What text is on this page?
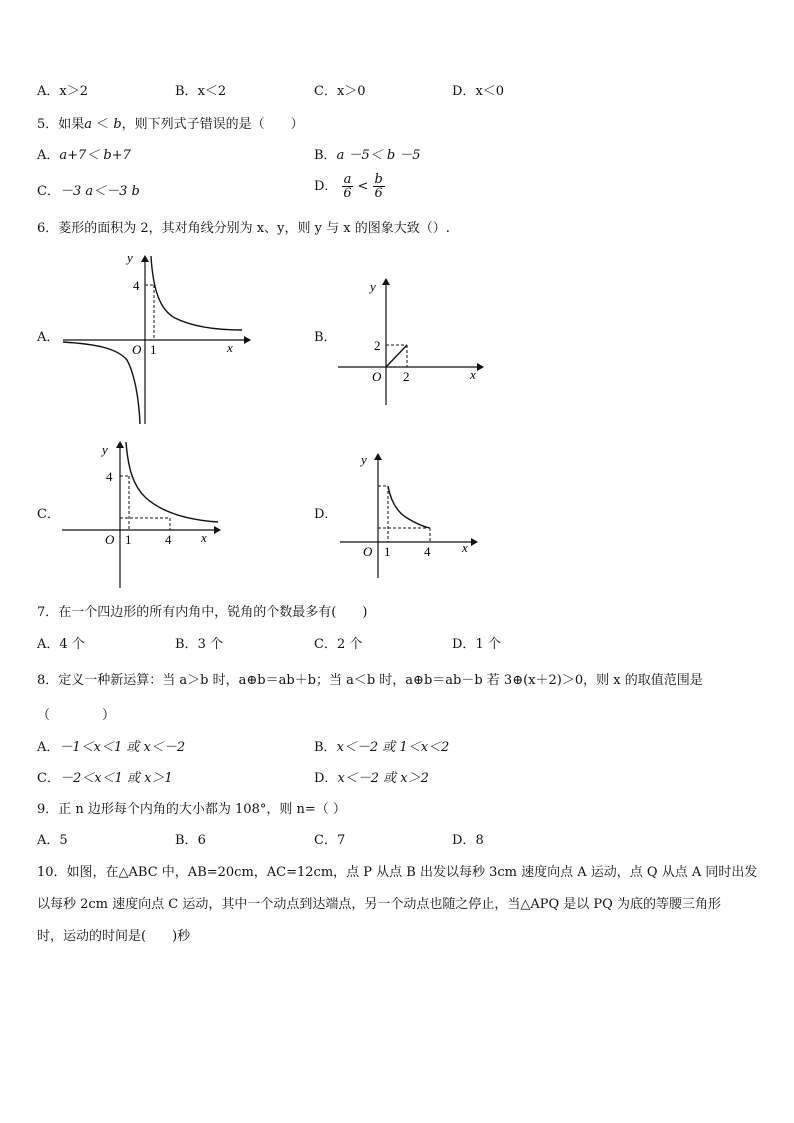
A．x＞2	B．x＜2	C．x＞0	D．x＜0
5．如果a ＜ b，则下列式子错误的是（　　）
A．a+7＜ b+7	B．a －5＜ b －5
C．－3 a＜－3 b	D． $\frac{a}{6} < \frac{b}{6}$
6．菱形的面积为 2，其对角线分别为 x、y，则 y 与 x 的图象大致（）.
A．
y
4
O 1	x
B．
y
2
O 2	x
C．
y
4
O 1	4 x
D．
y
O 1	4 x
7．在一个四边形的所有内角中，锐角的个数最多有(　　)
A．4 个	B．3 个	C．2 个	D．1 个
8．定义一种新运算：当 a＞b 时，a⊕b＝ab＋b；当 a＜b 时，a⊕b＝ab－b 若 3⊕(x＋2)＞0，则 x 的取值范围是
（　　　　）
A．－1＜x＜1 或 x＜－2	B．x＜－2 或 1＜x＜2
C．－2＜x＜1 或 x＞1	D．x＜－2 或 x＞2
9．正 n 边形每个内角的大小都为 108°，则 n=（ ）
A．5	B．6	C．7	D．8
10．如图，在△ABC 中，AB=20cm，AC=12cm，点 P 从点 B 出发以每秒 3cm 速度向点 A 运动，点 Q 从点 A 同时出发
以每秒 2cm 速度向点 C 运动，其中一个动点到达端点，另一个动点也随之停止，当△APQ 是以 PQ 为底的等腰三角形
时，运动的时间是(　　)秒
